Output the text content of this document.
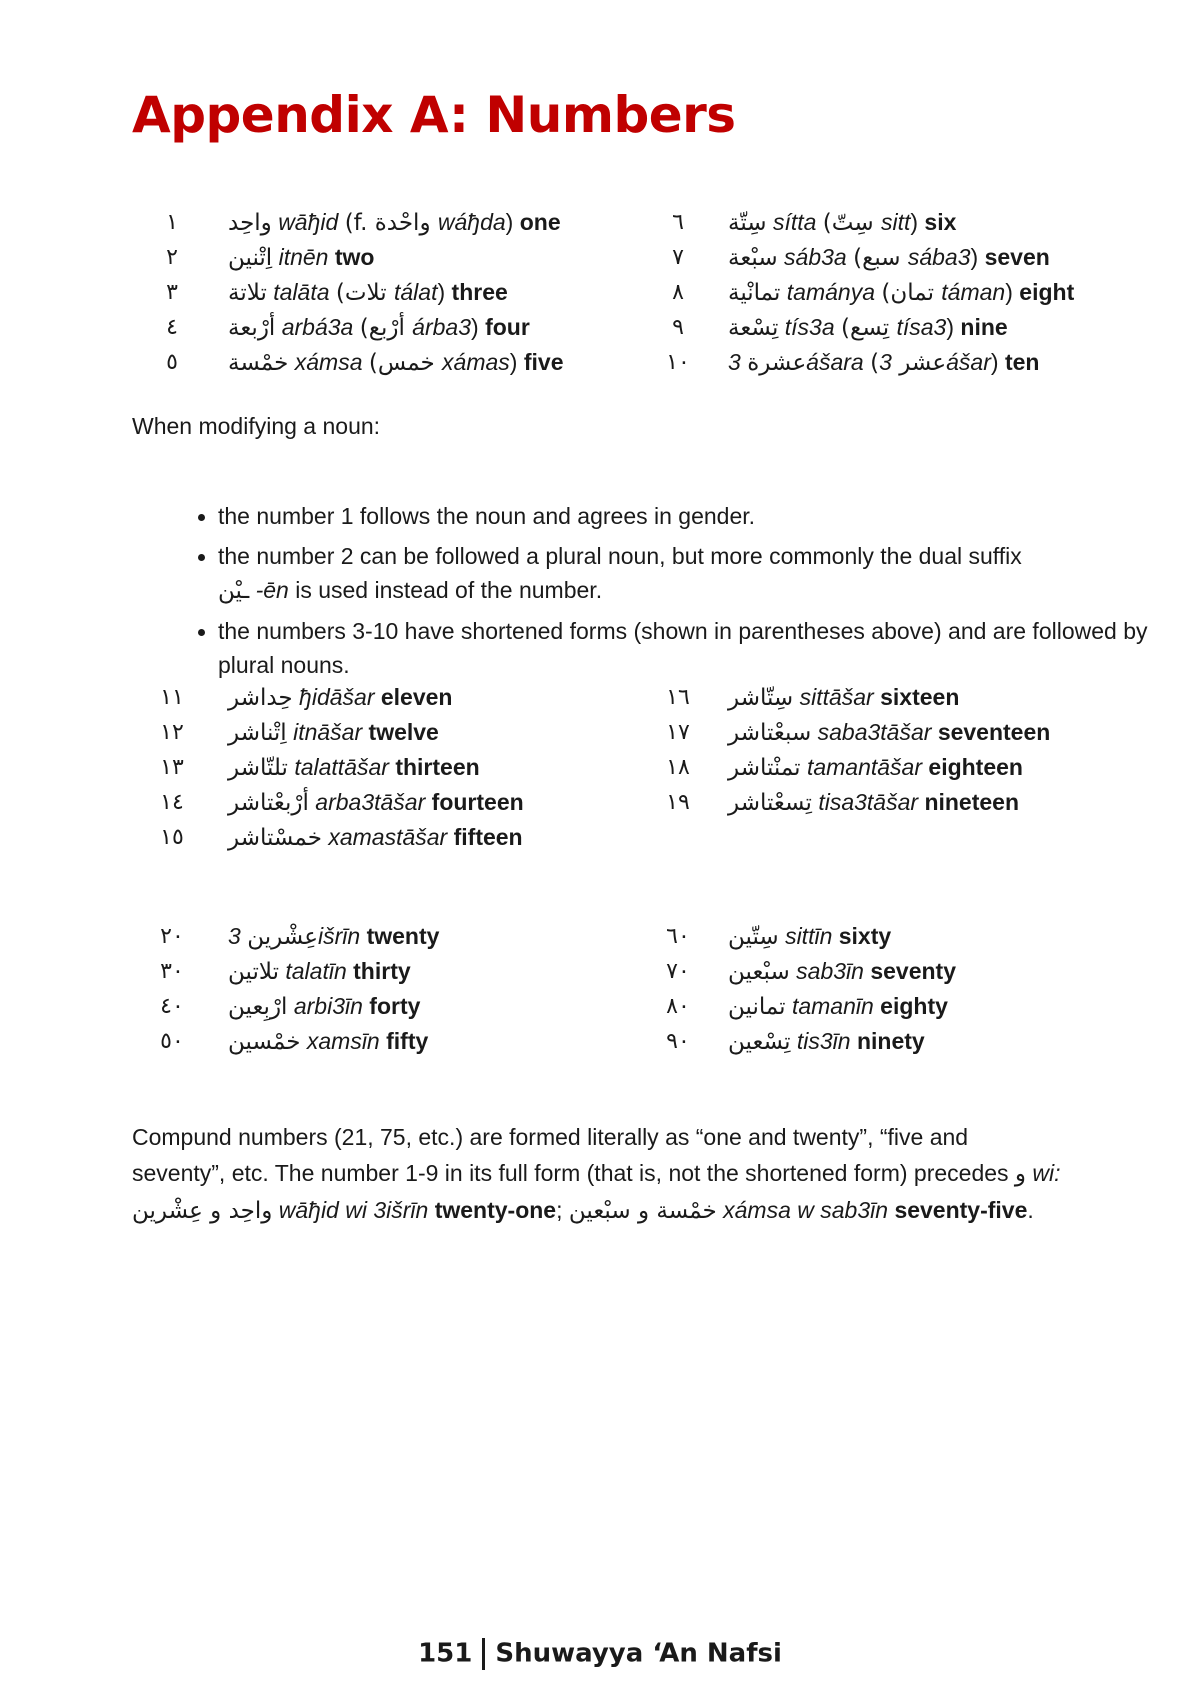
Appendix A: Numbers
١	واحِد wāђid (f. واحْدة wáђda) one
٢	اِتْنين itnēn two
٣	تلاتة talāta (تلات tálat) three
٤	أرْبعة arbá3a (أرْبع árba3) four
٥	خمْسة xámsa (خمس xámas) five
٦	سِتّة sítta (سِتّ sitt) six
٧	سبْعة sáb3a (سبع sába3) seven
٨	تمانْية tamánya (تمان táman) eight
٩	تِسْعة tís3a (تِسع tísa3) nine
١٠	عشرة 3ášara (عشر 3ášar) ten

When modifying a noun:

• the number 1 follows the noun and agrees in gender.
• the number 2 can be followed a plural noun, but more commonly the dual suffix
ـيْن -ēn is used instead of the number.
• the numbers 3-10 have shortened forms (shown in parentheses above) and are followed by plural nouns.
١١	حِداشر ђidāšar eleven
١٢	اِتْناشر itnāšar twelve
١٣	تلتّاشر talattāšar thirteen
١٤	أرْبعْتاشر arba3tāšar fourteen
١٥	خمسْتاشر xamastāšar fifteen
١٦	سِتّاشر sittāšar sixteen
١٧	سبعْتاشر saba3tāšar seventeen
١٨	تمنْتاشر tamantāšar eighteen
١٩	تِسعْتاشر tisa3tāšar nineteen
٢٠	عِشْرين 3išrīn twenty
٣٠	تلاتين talatīn thirty
٤٠	ارْبِعين arbi3īn forty
٥٠	خمْسين xamsīn fifty
٦٠	سِتّين sittīn sixty
٧٠	سبْعين sab3īn seventy
٨٠	تمانين tamanīn eighty
٩٠	تِسْعين tis3īn ninety

Compund numbers (21, 75, etc.) are formed literally as “one and twenty”, “five and
seventy”, etc. The number 1-9 in its full form (that is, not the shortened form) precedes و wi:
واحِد و عِشْرين wāђid wi 3išrīn twenty-one; خمْسة و سبْعين xámsa w sab3īn seventy-five.

151 Shuwayya ‘An Nafsi
